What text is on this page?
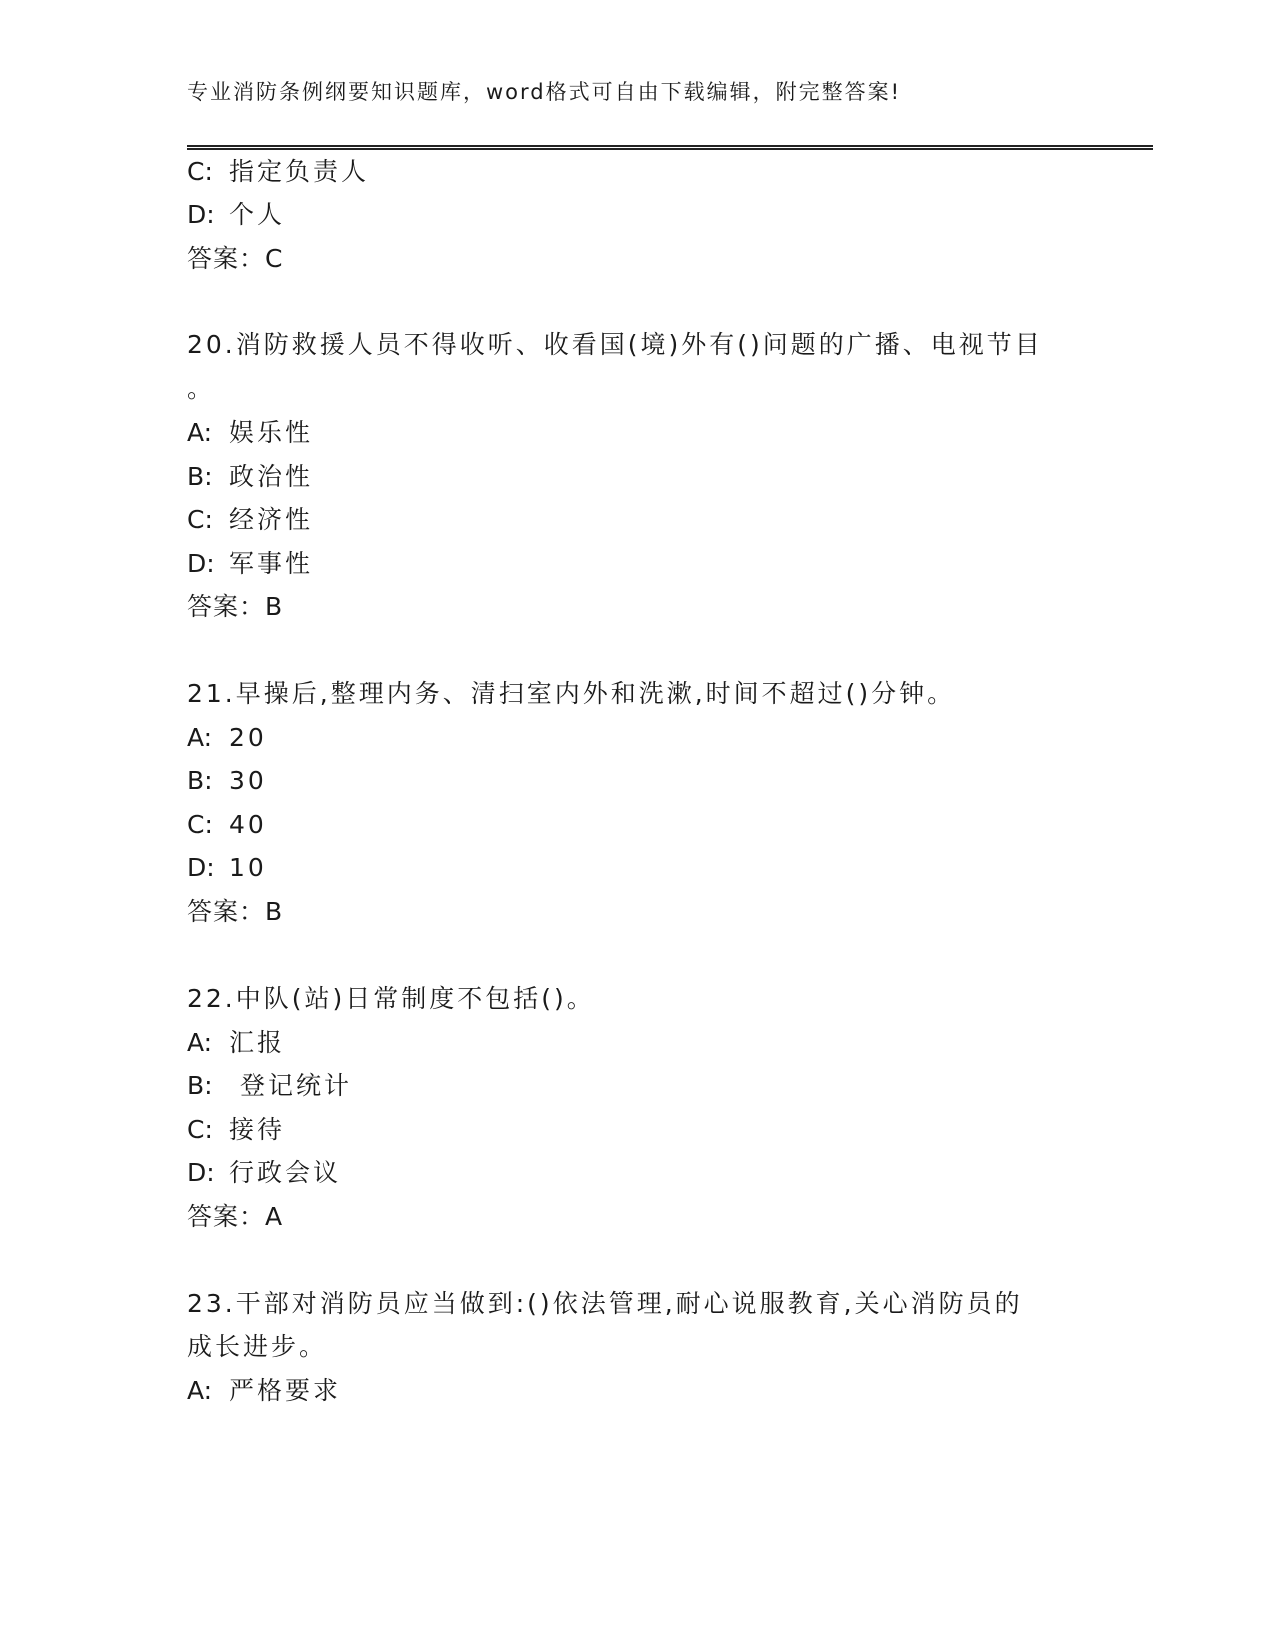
专业消防条例纲要知识题库，word格式可自由下载编辑，附完整答案!
C: 指定负责人
D: 个人
答案：C
20.消防救援人员不得收听、收看国(境)外有()问题的广播、电视节目
。
A: 娱乐性
B: 政治性
C: 经济性
D: 军事性
答案：B
21.早操后,整理内务、清扫室内外和洗漱,时间不超过()分钟。
A: 20
B: 30
C: 40
D: 10
答案：B
22.中队(站)日常制度不包括()。
A: 汇报
B: 登记统计
C: 接待
D: 行政会议
答案：A
23.干部对消防员应当做到:()依法管理,耐心说服教育,关心消防员的
成长进步。
A: 严格要求
